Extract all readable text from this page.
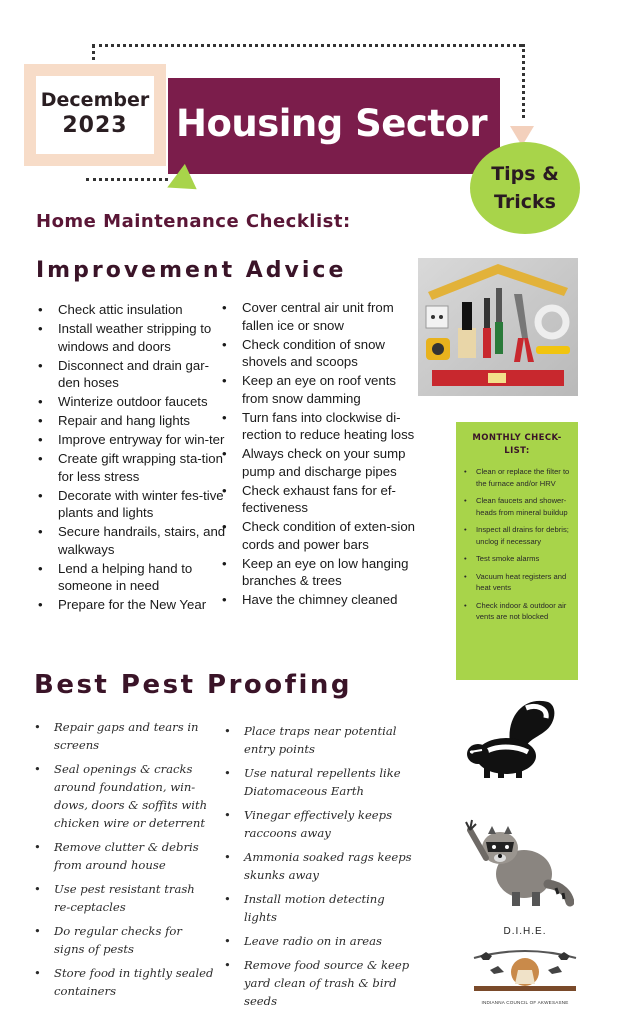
December
2023 Housing Sector
Tips &
Tricks
Home Maintenance Checklist:
Improvement Advice
• Check attic insulation
• Install weather stripping to windows and doors
• Disconnect and drain gar-den hoses
• Winterize outdoor faucets
• Repair and hang lights
• Improve entryway for win-ter
• Create gift wrapping sta-tion for less stress
• Decorate with winter fes-tive plants and lights
• Secure handrails, stairs, and walkways
• Lend a helping hand to someone in need
• Prepare for the New Year
• Cover central air unit from fallen ice or snow
• Check condition of snow shovels and scoops
• Keep an eye on roof vents from snow damming
• Turn fans into clockwise di-rection to reduce heating loss
• Always check on your sump pump and discharge pipes
• Check exhaust fans for ef-fectiveness
• Check condition of exten-sion cords and power bars
• Keep an eye on low hanging branches & trees
• Have the chimney cleaned
MONTHLY CHECK-LIST:
• Clean or replace the filter to the furnace and/or HRV
• Clean faucets and shower-heads from mineral buildup
• Inspect all drains for debris; unclog if necessary
• Test smoke alarms
• Vacuum heat registers and heat vents
• Check indoor & outdoor air vents are not blocked
Best Pest Proofing
• Repair gaps and tears in screens
• Seal openings & cracks around foundation, win-dows, doors & soffits with chicken wire or deterrent
• Remove clutter & debris from around house
• Use pest resistant trash re-ceptacles
• Do regular checks for signs of pests
• Store food in tightly sealed containers
• Place traps near potential entry points
• Use natural repellents like Diatomaceous Earth
• Vinegar effectively keeps raccoons away
• Ammonia soaked rags keeps skunks away
• Install motion detecting lights
• Leave radio on in areas
• Remove food source & keep yard clean of trash & bird seeds
D.I.H.E.
INDIANNA COUNCIL OF AKWESASNE
